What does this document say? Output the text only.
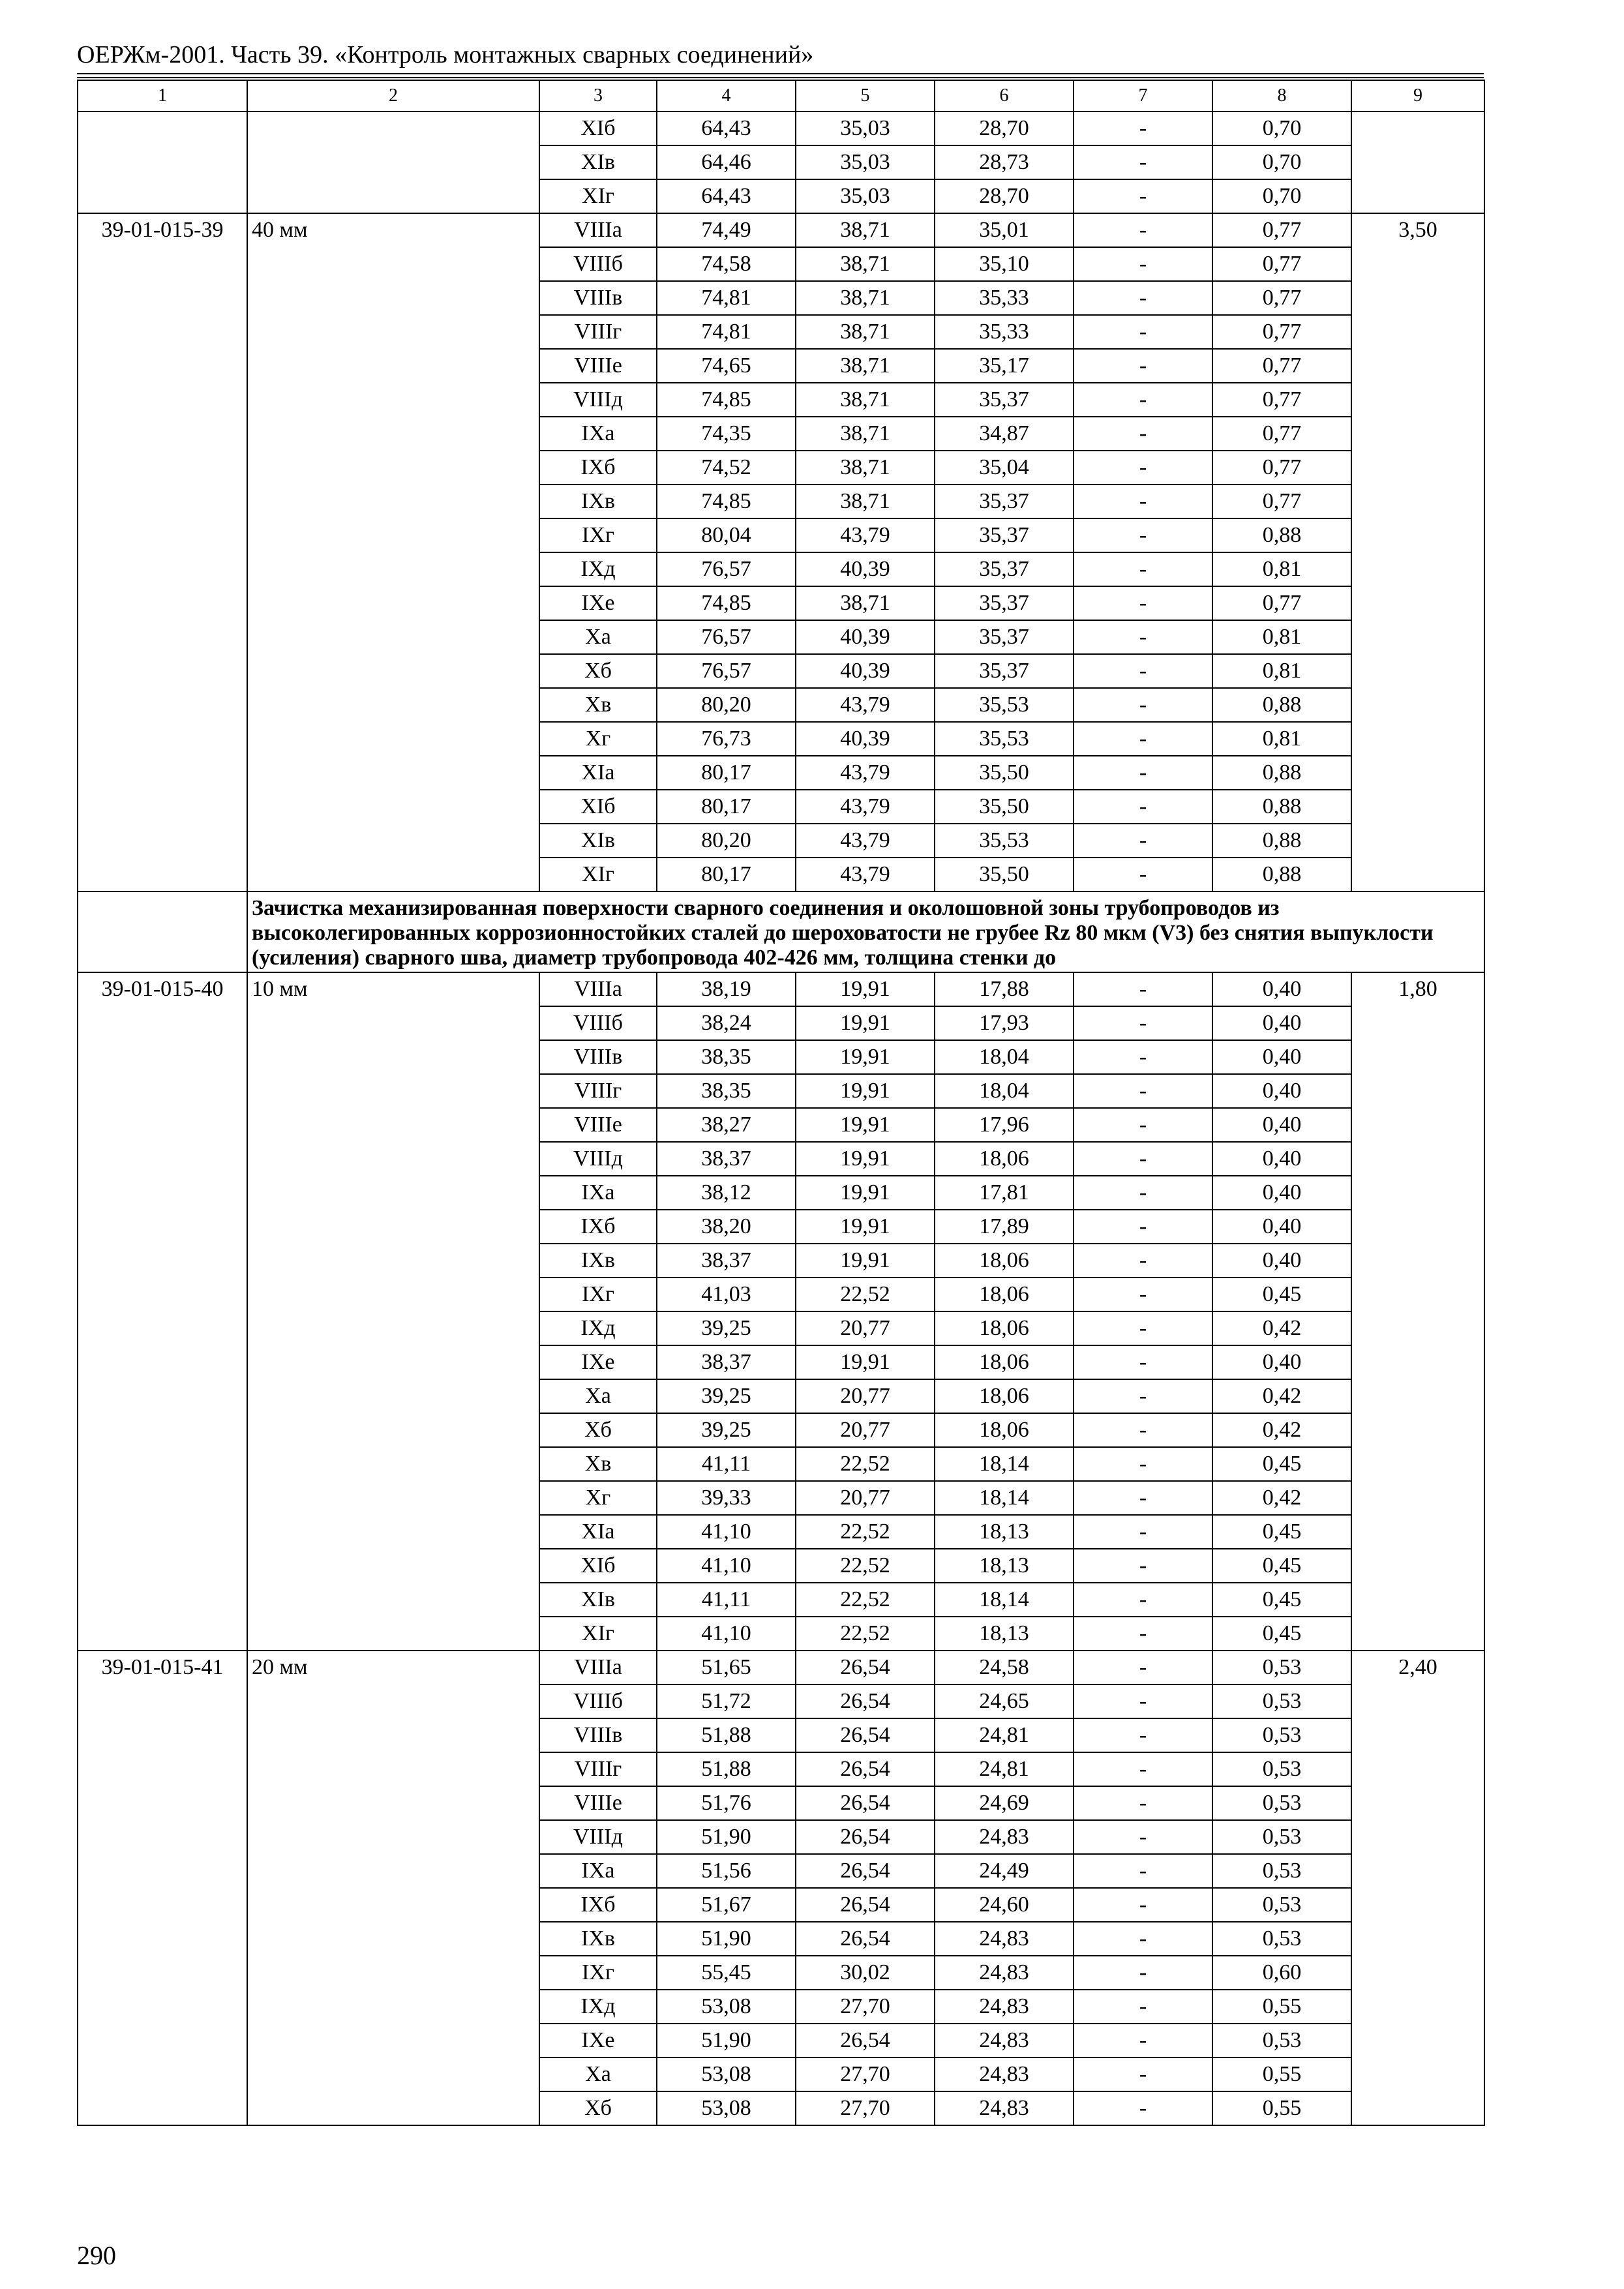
ОЕРЖм-2001. Часть 39. «Контроль монтажных сварных соединений»
1	2	3	4	5	6	7	8	9
		XIб	64,43	35,03	28,70	-	0,70	
		XIв	64,46	35,03	28,73	-	0,70	
		XIг	64,43	35,03	28,70	-	0,70	
39-01-015-39	40 мм	VIIIа	74,49	38,71	35,01	-	0,77	3,50
		VIIIб	74,58	38,71	35,10	-	0,77	
		VIIIв	74,81	38,71	35,33	-	0,77	
		VIIIг	74,81	38,71	35,33	-	0,77	
		VIIIе	74,65	38,71	35,17	-	0,77	
		VIIIд	74,85	38,71	35,37	-	0,77	
		IXа	74,35	38,71	34,87	-	0,77	
		IXб	74,52	38,71	35,04	-	0,77	
		IXв	74,85	38,71	35,37	-	0,77	
		IXг	80,04	43,79	35,37	-	0,88	
		IXд	76,57	40,39	35,37	-	0,81	
		IXе	74,85	38,71	35,37	-	0,77	
		Xа	76,57	40,39	35,37	-	0,81	
		Xб	76,57	40,39	35,37	-	0,81	
		Xв	80,20	43,79	35,53	-	0,88	
		Xг	76,73	40,39	35,53	-	0,81	
		XIа	80,17	43,79	35,50	-	0,88	
		XIб	80,17	43,79	35,50	-	0,88	
		XIв	80,20	43,79	35,53	-	0,88	
		XIг	80,17	43,79	35,50	-	0,88	
	Зачистка механизированная поверхности сварного соединения и околошовной зоны трубопроводов из высоколегированных коррозионностойких сталей до шероховатости не грубее Rz 80 мкм (V3) без снятия выпуклости (усиления) сварного шва, диаметр трубопровода 402-426 мм, толщина стенки до							
39-01-015-40	10 мм	VIIIа	38,19	19,91	17,88	-	0,40	1,80
		VIIIб	38,24	19,91	17,93	-	0,40	
		VIIIв	38,35	19,91	18,04	-	0,40	
		VIIIг	38,35	19,91	18,04	-	0,40	
		VIIIе	38,27	19,91	17,96	-	0,40	
		VIIIд	38,37	19,91	18,06	-	0,40	
		IXа	38,12	19,91	17,81	-	0,40	
		IXб	38,20	19,91	17,89	-	0,40	
		IXв	38,37	19,91	18,06	-	0,40	
		IXг	41,03	22,52	18,06	-	0,45	
		IXд	39,25	20,77	18,06	-	0,42	
		IXе	38,37	19,91	18,06	-	0,40	
		Xа	39,25	20,77	18,06	-	0,42	
		Xб	39,25	20,77	18,06	-	0,42	
		Xв	41,11	22,52	18,14	-	0,45	
		Xг	39,33	20,77	18,14	-	0,42	
		XIа	41,10	22,52	18,13	-	0,45	
		XIб	41,10	22,52	18,13	-	0,45	
		XIв	41,11	22,52	18,14	-	0,45	
		XIг	41,10	22,52	18,13	-	0,45	
39-01-015-41	20 мм	VIIIа	51,65	26,54	24,58	-	0,53	2,40
		VIIIб	51,72	26,54	24,65	-	0,53	
		VIIIв	51,88	26,54	24,81	-	0,53	
		VIIIг	51,88	26,54	24,81	-	0,53	
		VIIIе	51,76	26,54	24,69	-	0,53	
		VIIIд	51,90	26,54	24,83	-	0,53	
		IXа	51,56	26,54	24,49	-	0,53	
		IXб	51,67	26,54	24,60	-	0,53	
		IXв	51,90	26,54	24,83	-	0,53	
		IXг	55,45	30,02	24,83	-	0,60	
		IXд	53,08	27,70	24,83	-	0,55	
		IXе	51,90	26,54	24,83	-	0,53	
		Xа	53,08	27,70	24,83	-	0,55	
		Xб	53,08	27,70	24,83	-	0,55	
290
